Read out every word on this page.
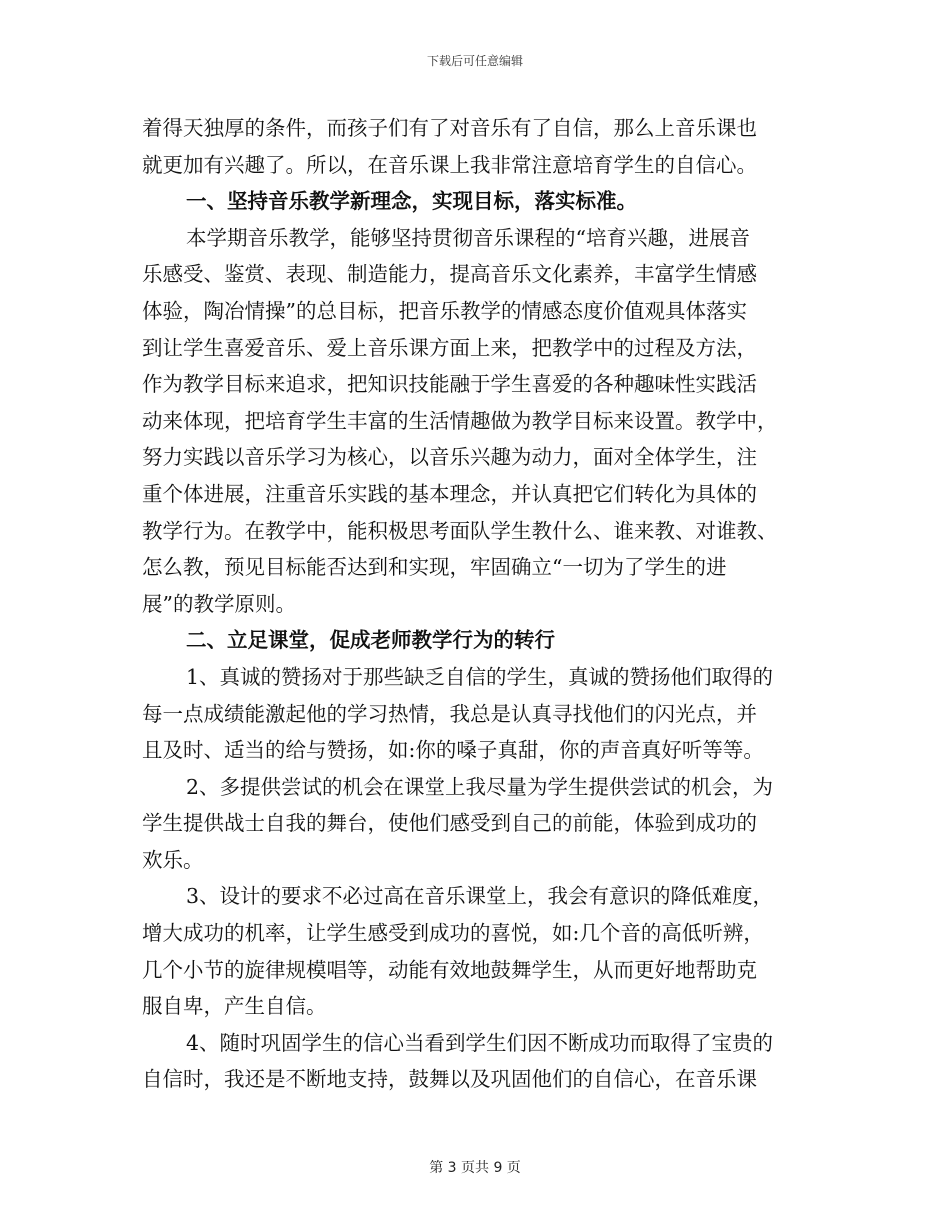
下载后可任意编辑
着得天独厚的条件，而孩子们有了对音乐有了自信，那么上音乐课也
就更加有兴趣了。所以，在音乐课上我非常注意培育学生的自信心。
一、坚持音乐教学新理念，实现目标，落实标准。
本学期音乐教学，能够坚持贯彻音乐课程的“培育兴趣，进展音
乐感受、鉴赏、表现、制造能力，提高音乐文化素养，丰富学生情感
体验，陶冶情操”的总目标，把音乐教学的情感态度价值观具体落实
到让学生喜爱音乐、爱上音乐课方面上来，把教学中的过程及方法，
作为教学目标来追求，把知识技能融于学生喜爱的各种趣味性实践活
动来体现，把培育学生丰富的生活情趣做为教学目标来设置。教学中，
努力实践以音乐学习为核心，以音乐兴趣为动力，面对全体学生，注
重个体进展，注重音乐实践的基本理念，并认真把它们转化为具体的
教学行为。在教学中，能积极思考面队学生教什么、谁来教、对谁教、
怎么教，预见目标能否达到和实现，牢固确立“一切为了学生的进
展”的教学原则。
二、立足课堂，促成老师教学行为的转行
1、真诚的赞扬对于那些缺乏自信的学生，真诚的赞扬他们取得的
每一点成绩能激起他的学习热情，我总是认真寻找他们的闪光点，并
且及时、适当的给与赞扬，如:你的嗓子真甜，你的声音真好听等等。
2、多提供尝试的机会在课堂上我尽量为学生提供尝试的机会，为
学生提供战士自我的舞台，使他们感受到自己的前能，体验到成功的
欢乐。
3、设计的要求不必过高在音乐课堂上，我会有意识的降低难度，
增大成功的机率，让学生感受到成功的喜悦，如:几个音的高低听辨，
几个小节的旋律规模唱等，动能有效地鼓舞学生，从而更好地帮助克
服自卑，产生自信。
4、随时巩固学生的信心当看到学生们因不断成功而取得了宝贵的
自信时，我还是不断地支持，鼓舞以及巩固他们的自信心，在音乐课
第 3 页共 9 页
